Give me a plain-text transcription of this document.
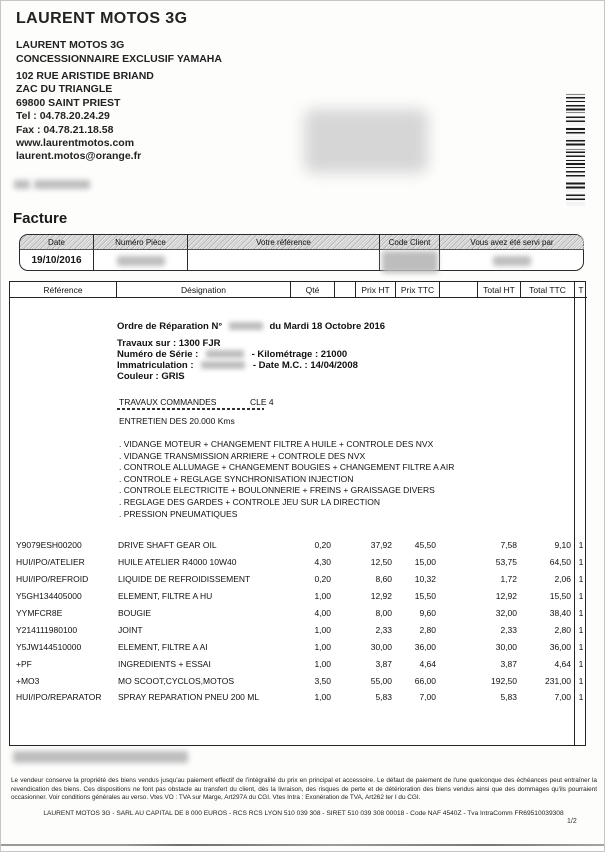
LAURENT MOTOS 3G
LAURENT MOTOS 3G
CONCESSIONNAIRE EXCLUSIF YAMAHA
102 RUE ARISTIDE BRIAND
ZAC DU TRIANGLE
69800 SAINT PRIEST
Tel : 04.78.20.24.29
Fax : 04.78.21.18.58
www.laurentmotos.com
laurent.motos@orange.fr
Facture
Date	Numéro Pièce	Votre référence	Code Client	Vous avez été servi par
19/10/2016
Référence	Désignation	Qté	Prix HT	Prix TTC	Total HT	Total TTC	T
Ordre de Réparation N°	du Mardi 18 Octobre 2016
Travaux sur : 1300 FJR
Numéro de Série :	- Kilométrage : 21000
Immatriculation :	- Date M.C. : 14/04/2008
Couleur : GRIS
TRAVAUX COMMANDES	CLE 4
ENTRETIEN DES 20.000 Kms
. VIDANGE MOTEUR + CHANGEMENT FILTRE A HUILE + CONTROLE DES NVX
. VIDANGE TRANSMISSION ARRIERE + CONTROLE DES NVX
. CONTROLE ALLUMAGE + CHANGEMENT BOUGIES + CHANGEMENT FILTRE A AIR
. CONTROLE + REGLAGE SYNCHRONISATION INJECTION
. CONTROLE ELECTRICITE + BOULONNERIE + FREINS + GRAISSAGE DIVERS
. REGLAGE DES GARDES + CONTROLE JEU SUR LA DIRECTION
. PRESSION PNEUMATIQUES
Y9079ESH00200	DRIVE SHAFT GEAR OIL	0,20	37,92	45,50	7,58	9,10 1
HUI/IPO/ATELIER	HUILE ATELIER R4000 10W40	4,30	12,50	15,00	53,75	64,50 1
HUI/IPO/REFROID	LIQUIDE DE REFROIDISSEMENT	0,20	8,60	10,32	1,72	2,06 1
Y5GH134405000	ELEMENT, FILTRE A HU	1,00	12,92	15,50	12,92	15,50 1
YYMFCR8E	BOUGIE	4,00	8,00	9,60	32,00	38,40 1
Y214111980100	JOINT	1,00	2,33	2,80	2,33	2,80 1
Y5JW144510000	ELEMENT, FILTRE A AI	1,00	30,00	36,00	30,00	36,00 1
+PF	INGREDIENTS + ESSAI	1,00	3,87	4,64	3,87	4,64 1
+MO3	MO SCOOT,CYCLOS,MOTOS	3,50	55,00	66,00	192,50	231,00 1
HUI/IPO/REPARATOR	SPRAY REPARATION PNEU 200 ML	1,00	5,83	7,00	5,83	7,00 1

Le vendeur conserve la propriété des biens vendus jusqu'au paiement effectif de l'intégralité du prix en principal et accessoire. Le défaut de paiement de l'une quelconque des échéances peut entraîner la revendication des biens. Ces dispositions ne font pas obstacle au transfert du client, dès la livraison, des risques de perte et de détérioration des biens vendus ainsi que des dommages qu'ils pourraient occasionner. Voir conditions générales au verso. Vtes VO : TVA sur Marge, Art297A du CGI. Vtes Intra : Exonération de TVA, Art262 ter I du CGI.

LAURENT MOTOS 3G - SARL AU CAPITAL DE 8 000 EUROS - RCS RCS LYON 510 039 308 - SIRET 510 039 308 00018 - Code NAF 4540Z - Tva IntraComm FR69510039308
1/2
